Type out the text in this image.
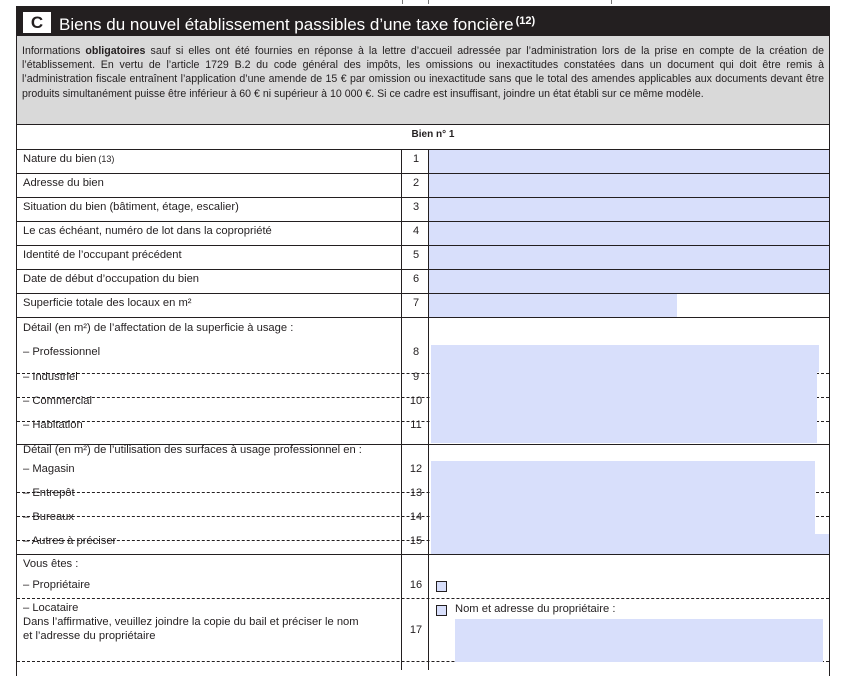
C Biens du nouvel établissement passibles d’une taxe foncière $^{(12)}$

Informations obligatoires sauf si elles ont été fournies en réponse à la lettre d’accueil adressée par l’administration lors de la prise en compte de la création de l’établissement. En vertu de l’article 1729 B.2 du code général des impôts, les omissions ou inexactitudes constatées dans un document qui doit être remis à l’administration fiscale entraînent l’application d’une amende de 15 € par omission ou inexactitude sans que le total des amendes applicables aux documents devant être produits simultanément puisse être inférieur à 60 € ni supérieur à 10 000 €. Si ce cadre est insuffisant, joindre un état établi sur ce même modèle.

Bien n° 1
Nature du bien (13)	1
Adresse du bien	2
Situation du bien (bâtiment, étage, escalier)	3
Le cas échéant, numéro de lot dans la copropriété	4
Identité de l’occupant précédent	5
Date de début d’occupation du bien	6
Superficie totale des locaux en m²	7
Détail (en m²) de l’affectation de la superficie à usage :
– Professionnel	8
– Industriel	9
– Commercial	10
– Habitation	11
Détail (en m²) de l’utilisation des surfaces à usage professionnel en :
– Magasin	12
– Entrepôt	13
– Bureaux	14
– Autres à préciser	15
Vous êtes :
– Propriétaire	16
– Locataire
Dans l’affirmative, veuillez joindre la copie du bail et préciser le nom
et l’adresse du propriétaire	17
Nom et adresse du propriétaire :
